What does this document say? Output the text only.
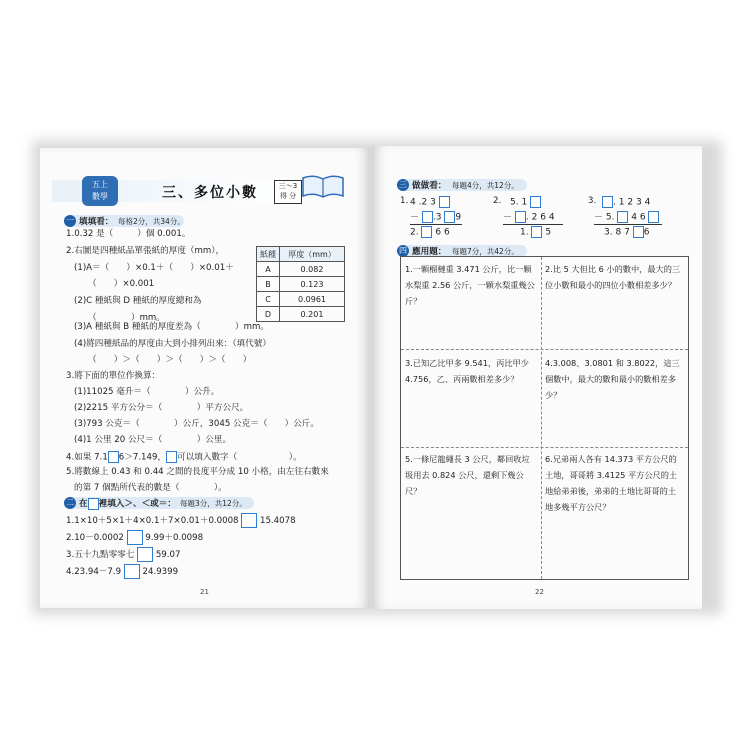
五上
數學	三、多位小數	三～3
得 分
一 填填看： 每格2分，共34分。
1.0.32 是（	）個 0.001。
2.右圖是四種紙品單張紙的厚度（mm），
(1)A＝（　　）×0.1＋（　　）×0.01＋
（　　）×0.001
(2)C 種紙與 D 種紙的厚度總和為
（　　　　）mm。
(3)A 種紙與 B 種紙的厚度差為（　　　　）mm。
(4)將四種紙品的厚度由大到小排列出來：（填代號）
（　　）＞（　　）＞（　　）＞（　　）
紙種	厚度（mm）
A	0.082
B	0.123
C	0.0961
D	0.201
3.將下面的單位作換算：
(1)11025 毫升＝（　　　　）公升。
(2)2215 平方公分＝（　　　　）平方公尺。
(3)793 公克＝（　　　　）公斤，3045 公克＝（　　）公斤。
(4)1 公里 20 公尺＝（　　　　）公里。
4.如果 7.1 6＞7.149， 可以填入數字（　　　　　　）。
5.將數線上 0.43 和 0.44 之間的長度平分成 10 小格，由左往右數來
的第 7 個點所代表的數是（　　　　）。
二 在 裡填入＞、＜或＝： 每題3分，共12分。
1.1×10＋5×1＋4×0.1＋7×0.01＋0.0008 15.4078
2.10－0.0002 9.99＋0.0098
3.五十九點零零七 59.07
4.23.94－7.9 24.9399
21
三 做做看： 每題4分，共12分。
1. 4 .2 3
－ .3 9
2. 6 6
2. 5. 1
－ . 2 6 4
1. 5
3.	. 1 2 3 4
－ 5. 4 6
3. 8 7 6
四 應用題： 每題7分，共42分。
1.一顆榴槤重 3.471 公斤，比一顆水梨重 2.56 公斤，一顆水梨重幾公斤？
2.比 5 大但比 6 小的數中，最大的三位小數和最小的四位小數相差多少？
3.已知乙比甲多 9.541，丙比甲少 4.756，乙、丙兩數相差多少？
4.3.008、3.0801 和 3.8022，這三個數中，最大的數和最小的數相差多少？
5.一條尼龍繩長 3 公尺，鄰回收垃圾用去 0.824 公尺，還剩下幾公尺？
6.兄弟兩人各有 14.373 平方公尺的土地，哥哥將 3.4125 平方公尺的土地給弟弟後，弟弟的土地比哥哥的土地多幾平方公尺？
22
